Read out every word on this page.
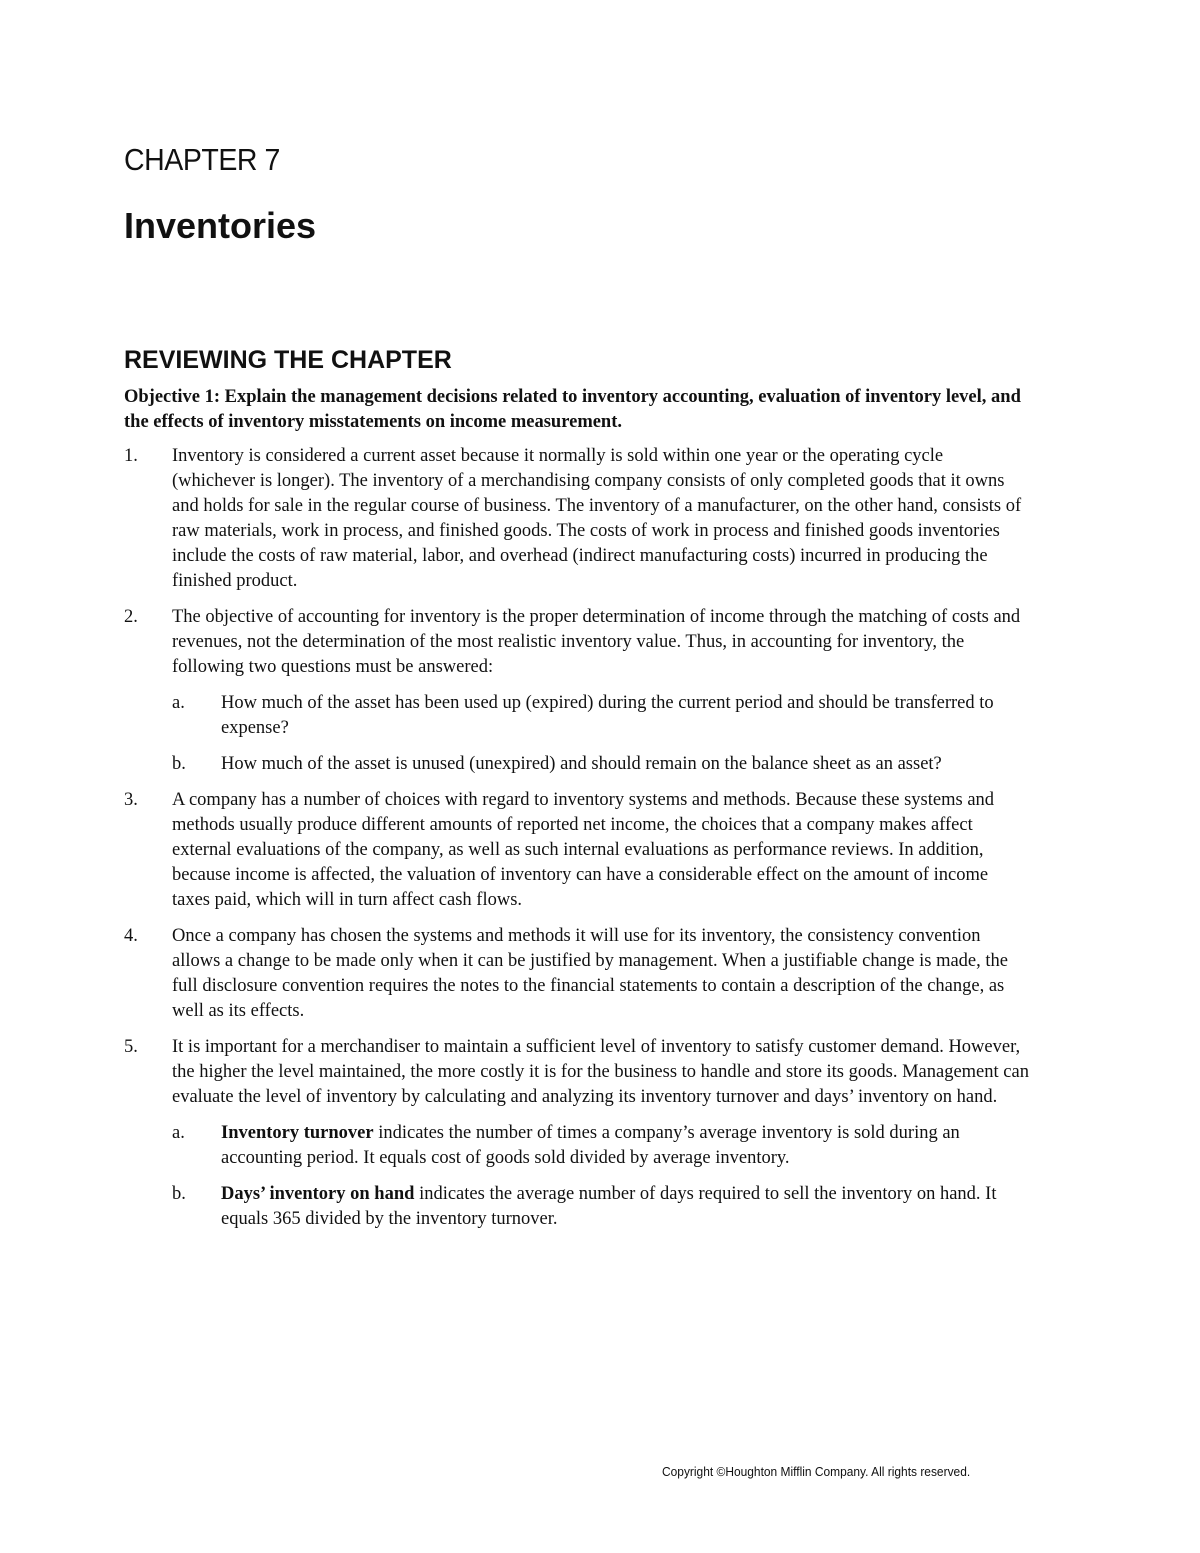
CHAPTER 7
Inventories
REVIEWING THE CHAPTER

Objective 1: Explain the management decisions related to inventory accounting, evaluation of inventory level, and the effects of inventory misstatements on income measurement.

1. Inventory is considered a current asset because it normally is sold within one year or the operating cycle (whichever is longer). The inventory of a merchandising company consists of only completed goods that it owns and holds for sale in the regular course of business. The inventory of a manufacturer, on the other hand, consists of raw materials, work in process, and finished goods. The costs of work in process and finished goods inventories include the costs of raw material, labor, and overhead (indirect manufacturing costs) incurred in producing the finished product.
2. The objective of accounting for inventory is the proper determination of income through the matching of costs and revenues, not the determination of the most realistic inventory value. Thus, in accounting for inventory, the following two questions must be answered:
a. How much of the asset has been used up (expired) during the current period and should be transferred to expense?
b. How much of the asset is unused (unexpired) and should remain on the balance sheet as an asset?
3. A company has a number of choices with regard to inventory systems and methods. Because these systems and methods usually produce different amounts of reported net income, the choices that a company makes affect external evaluations of the company, as well as such internal evaluations as performance reviews. In addition, because income is affected, the valuation of inventory can have a considerable effect on the amount of income taxes paid, which will in turn affect cash flows.
4. Once a company has chosen the systems and methods it will use for its inventory, the consistency convention allows a change to be made only when it can be justified by management. When a justifiable change is made, the full disclosure convention requires the notes to the financial statements to contain a description of the change, as well as its effects.
5. It is important for a merchandiser to maintain a sufficient level of inventory to satisfy customer demand. However, the higher the level maintained, the more costly it is for the business to handle and store its goods. Management can evaluate the level of inventory by calculating and analyzing its inventory turnover and days’ inventory on hand.
a. Inventory turnover indicates the number of times a company’s average inventory is sold during an accounting period. It equals cost of goods sold divided by average inventory.
b. Days’ inventory on hand indicates the average number of days required to sell the inventory on hand. It equals 365 divided by the inventory turnover.
Copyright ©Houghton Mifflin Company. All rights reserved.
